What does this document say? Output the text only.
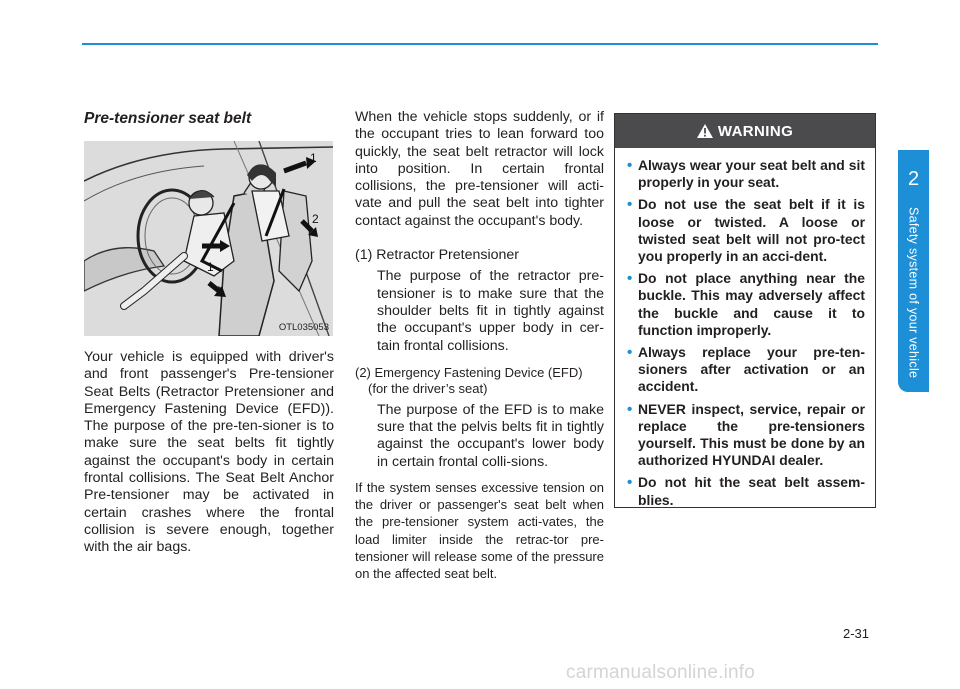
Pre-tensioner seat belt
1
2
1
2
OTL035053

Your vehicle is equipped with driver's and front passenger's Pre-tensioner Seat Belts (Retractor Pretensioner and Emergency Fastening Device (EFD)). The purpose of the pre-ten-sioner is to make sure the seat belts fit tightly against the occupant's body in certain frontal collisions. The Seat Belt Anchor Pre-tensioner may be activated in certain crashes where the frontal collision is severe enough, together with the air bags.

When the vehicle stops suddenly, or if the occupant tries to lean forward too quickly, the seat belt retractor will lock into position. In certain frontal collisions, the pre-tensioner will acti-vate and pull the seat belt into tighter contact against the occupant's body.

(1) Retractor Pretensioner

The purpose of the retractor pre-tensioner is to make sure that the shoulder belts fit in tightly against the occupant's upper body in cer-tain frontal collisions.

(2) Emergency Fastening Device (EFD)
(for the driver’s seat)

The purpose of the EFD is to make sure that the pelvis belts fit in tightly against the occupant's lower body in certain frontal colli-sions.

If the system senses excessive tension on the driver or passenger's seat belt when the pre-tensioner system acti-vates, the load limiter inside the retrac-tor pre-tensioner will release some of the pressure on the affected seat belt.

WARNING
• Always wear your seat belt and sit properly in your seat.
• Do not use the seat belt if it is loose or twisted. A loose or twisted seat belt will not pro-tect you properly in an acci-dent.
• Do not place anything near the buckle. This may adversely affect the buckle and cause it to function improperly.
• Always replace your pre-ten-sioners after activation or an accident.
• NEVER inspect, service, repair or replace the pre-tensioners yourself. This must be done by an authorized HYUNDAI dealer.
• Do not hit the seat belt assem-blies.
2
Safety system of your vehicle
2-31
carmanualsonline.info
